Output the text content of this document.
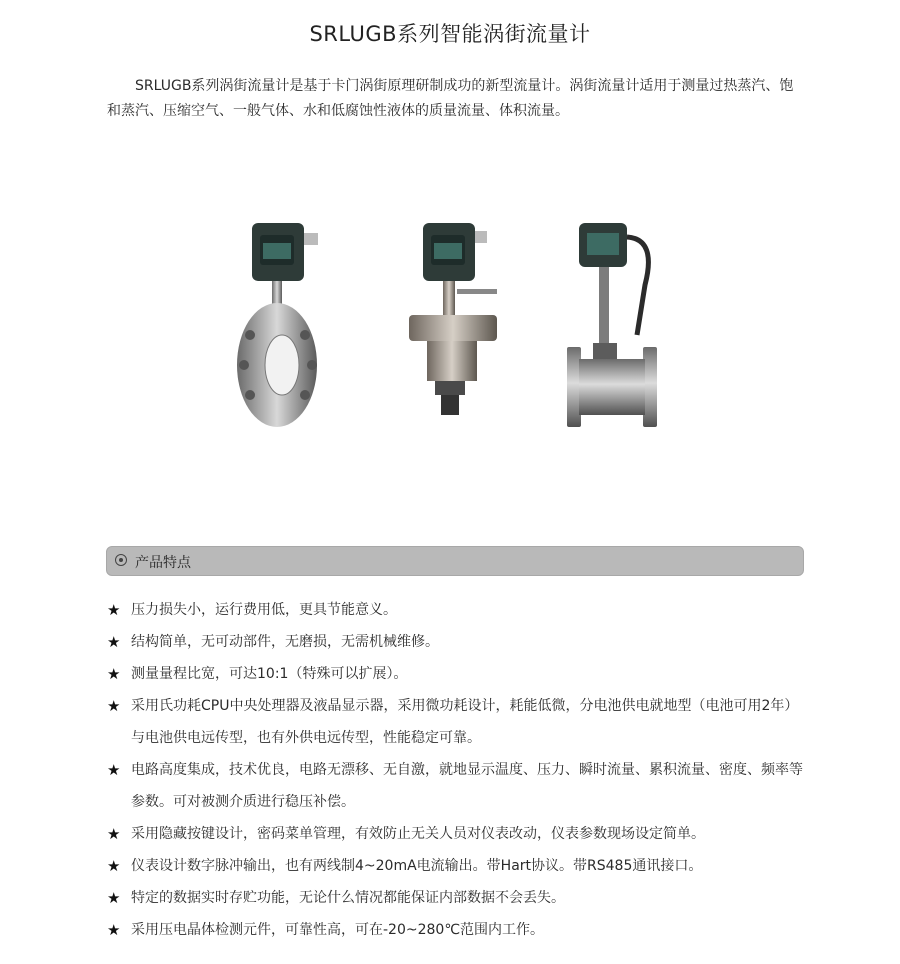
SRLUGB系列智能涡街流量计
SRLUGB系列涡街流量计是基于卡门涡街原理研制成功的新型流量计。涡街流量计适用于测量过热蒸汽、饱和蒸汽、压缩空气、一般气体、水和低腐蚀性液体的质量流量、体积流量。
产品特点
★ 压力损失小，运行费用低，更具节能意义。
★ 结构简单，无可动部件，无磨损，无需机械维修。
★ 测量量程比宽，可达10:1（特殊可以扩展）。
★ 采用氏功耗CPU中央处理器及液晶显示器，采用微功耗设计，耗能低微，分电池供电就地型（电池可用2年）与电池供电远传型，也有外供电远传型，性能稳定可靠。
★ 电路高度集成，技术优良，电路无漂移、无自激，就地显示温度、压力、瞬时流量、累积流量、密度、频率等参数。可对被测介质进行稳压补偿。
★ 采用隐藏按键设计，密码菜单管理，有效防止无关人员对仪表改动，仪表参数现场设定简单。
★ 仪表设计数字脉冲输出，也有两线制4~20mA电流输出。带Hart协议。带RS485通讯接口。
★ 特定的数据实时存贮功能，无论什么情况都能保证内部数据不会丢失。
★ 采用压电晶体检测元件，可靠性高，可在-20~280℃范围内工作。
